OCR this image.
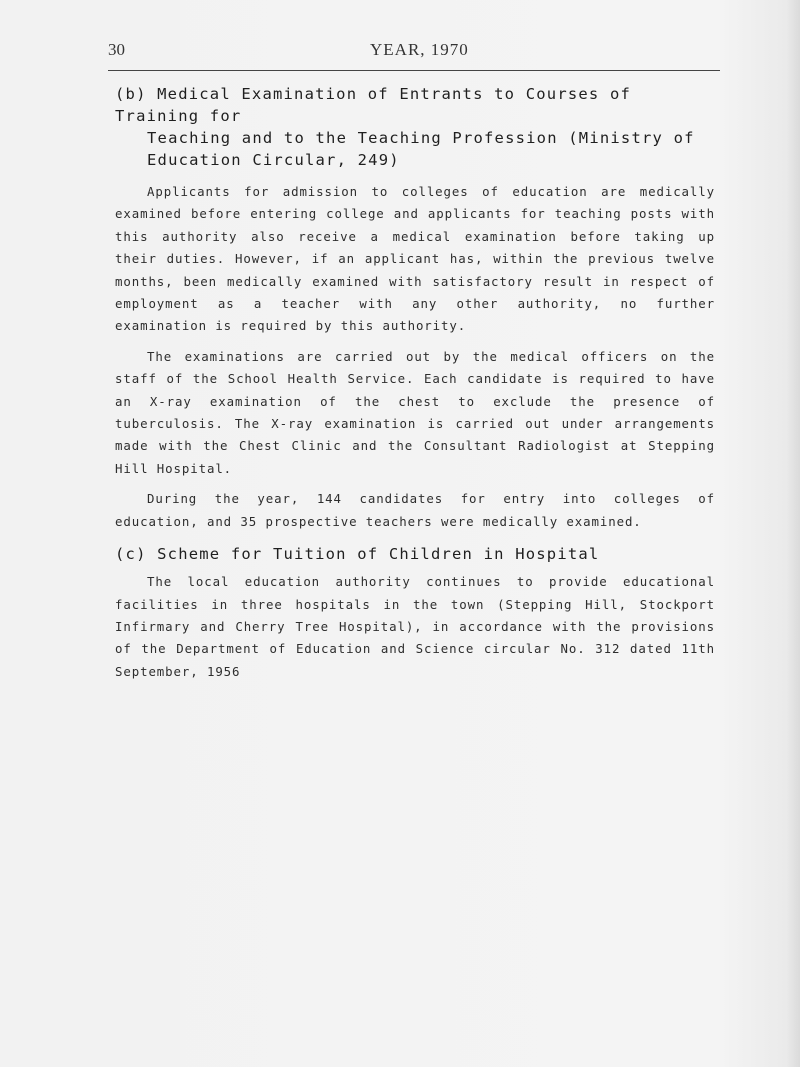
30	YEAR, 1970

(b) Medical Examination of Entrants to Courses of Training for
Teaching and to the Teaching Profession (Ministry of
Education Circular, 249)

Applicants for admission to colleges of education are medically examined before entering college and applicants for teaching posts with this authority also receive a medical examination before taking up their duties. However, if an applicant has, within the previous twelve months, been medically examined with satisfactory result in respect of employment as a teacher with any other authority, no further examination is required by this authority.

The examinations are carried out by the medical officers on the staff of the School Health Service. Each candidate is required to have an X-ray examination of the chest to exclude the presence of tuberculosis. The X-ray examination is carried out under arrangements made with the Chest Clinic and the Consultant Radiologist at Stepping Hill Hospital.

During the year, 144 candidates for entry into colleges of education, and 35 prospective teachers were medically examined.

(c) Scheme for Tuition of Children in Hospital

The local education authority continues to provide educational facilities in three hospitals in the town (Stepping Hill, Stockport Infirmary and Cherry Tree Hospital), in accordance with the provisions of the Department of Education and Science circular No. 312 dated 11th September, 1956
